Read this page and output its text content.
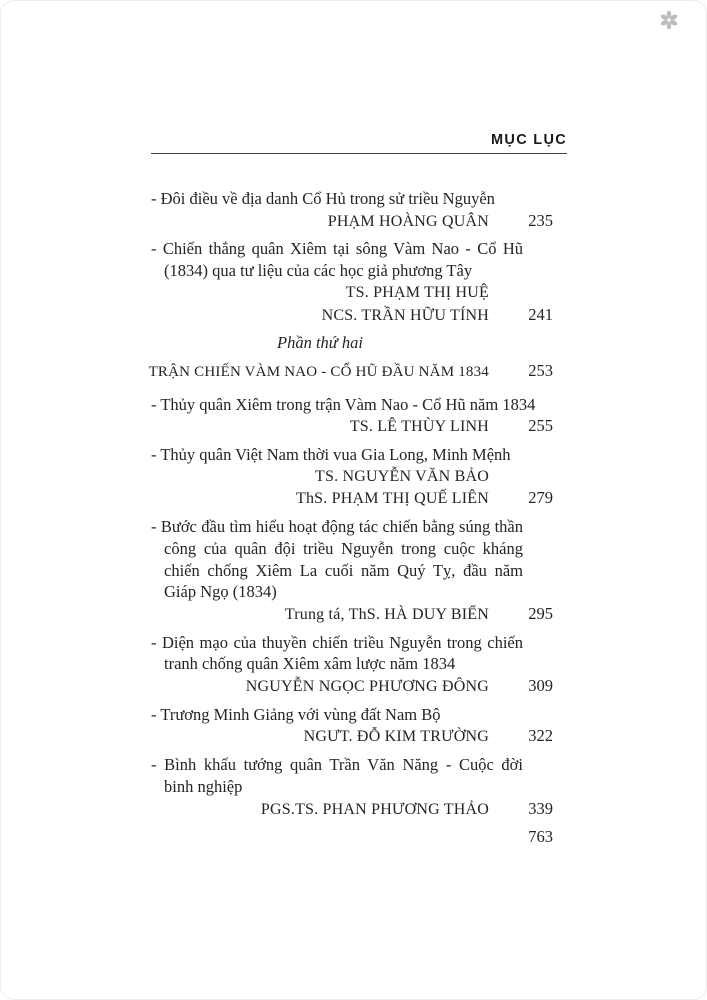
MỤC LỤC
- Đôi điều về địa danh Cổ Hủ trong sử triều Nguyễn
PHẠM HOÀNG QUÂN	235
- Chiến thắng quân Xiêm tại sông Vàm Nao - Cổ Hũ
(1834) qua tư liệu của các học giả phương Tây
TS. PHẠM THỊ HUỆ
NCS. TRẦN HỮU TÍNH	241
Phần thứ hai
TRẬN CHIẾN VÀM NAO - CỔ HŨ ĐẦU NĂM 1834	253
- Thủy quân Xiêm trong trận Vàm Nao - Cổ Hũ năm 1834
TS. LÊ THÙY LINH	255
- Thủy quân Việt Nam thời vua Gia Long, Minh Mệnh
TS. NGUYỄN VĂN BẢO
ThS. PHẠM THỊ QUẾ LIÊN	279
- Bước đầu tìm hiểu hoạt động tác chiến bằng súng thần
công của quân đội triều Nguyễn trong cuộc kháng
chiến chống Xiêm La cuối năm Quý Tỵ, đầu năm
Giáp Ngọ (1834)
Trung tá, ThS. HÀ DUY BIỂN	295
- Diện mạo của thuyền chiến triều Nguyễn trong chiến
tranh chống quân Xiêm xâm lược năm 1834
NGUYỄN NGỌC PHƯƠNG ĐÔNG	309
- Trương Minh Giảng với vùng đất Nam Bộ
NGƯT. ĐỖ KIM TRƯỜNG	322
- Bình khấu tướng quân Trần Văn Năng - Cuộc đời
binh nghiệp
PGS.TS. PHAN PHƯƠNG THẢO	339
763
